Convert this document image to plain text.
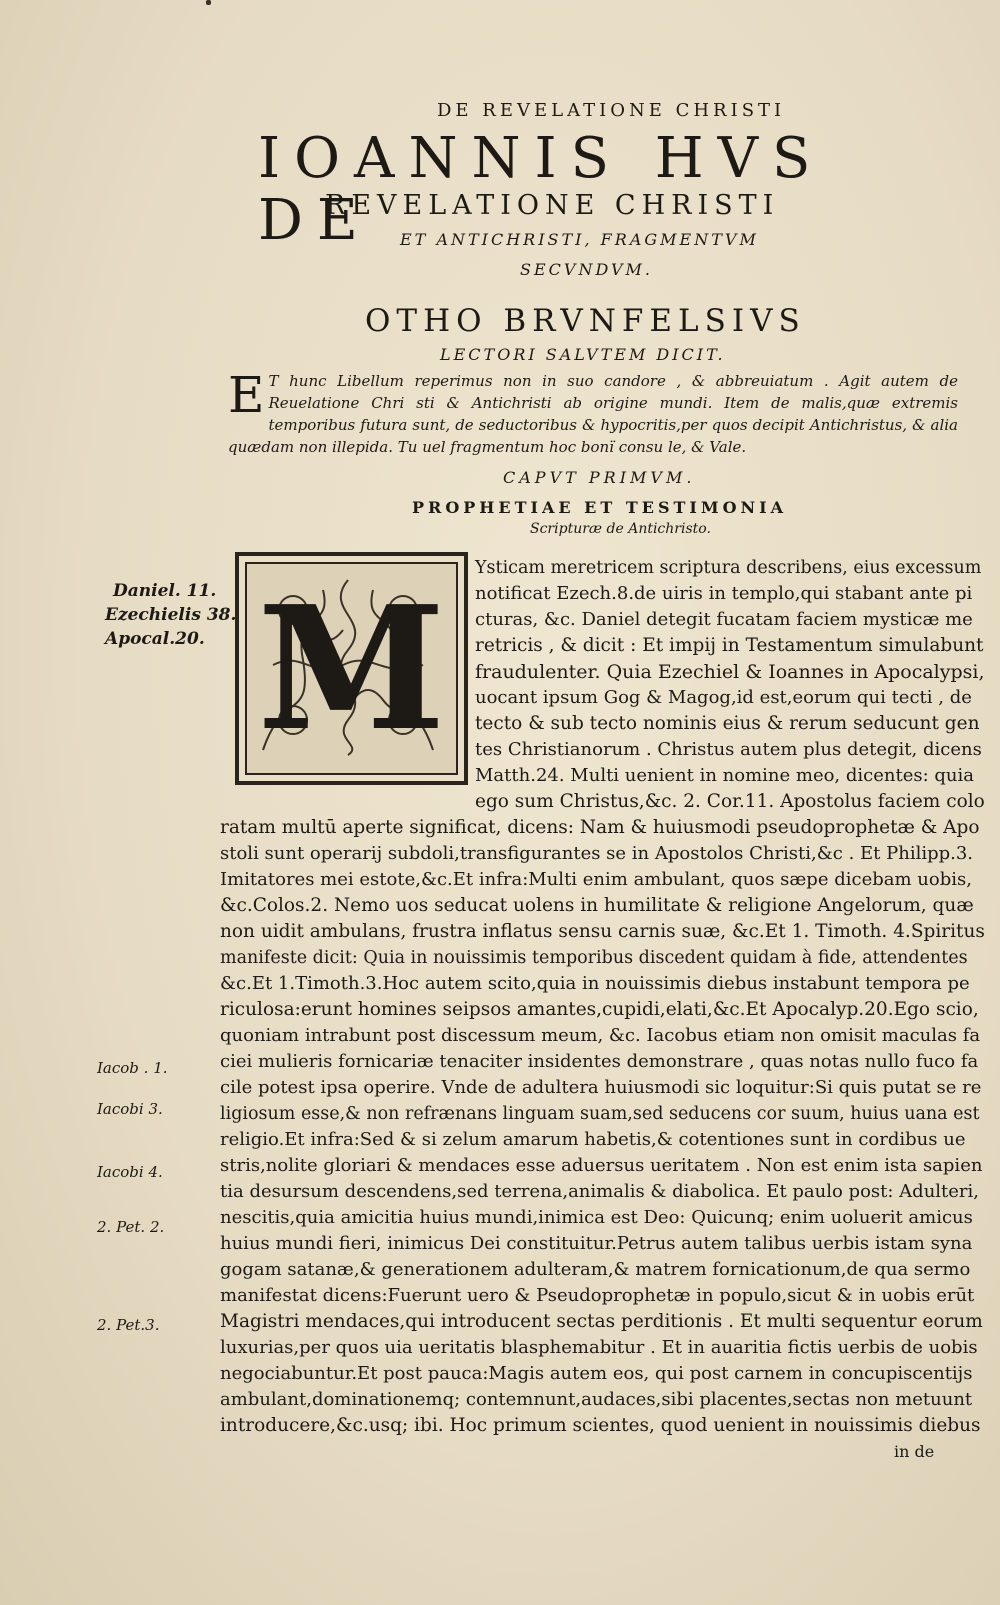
DE REVELATIONE CHRISTI
IOANNIS HVS DE
REVELATIONE CHRISTI
ET ANTICHRISTI, FRAGMENTVM
SECVNDVM.
OTHO BRVNFELSIVS
LECTORI SALVTEM DICIT.
E T hunc Libellum reperimus non in suo candore , & abbreuiatum . Agit autem de Reuelatione Chri sti & Antichristi ab origine mundi. Item de malis,quæ extremis temporibus futura sunt, de seductoribus & hypocritis,per quos decipit Antichristus, & alia quædam non illepida. Tu uel fragmentum hoc bonï consu le, & Vale.
CAPVT PRIMVM.
PROPHETIAE ET TESTIMONIA
Scripturæ de Antichristo.
M
Daniel. 11.
Ezechielis 38.
Apocal.20.
Iacob . 1.
Iacobi 3.
Iacobi 4.
2. Pet. 2.
2. Pet.3.
Ysticam meretricem scriptura describens, eius excessum
notificat Ezech.8.de uiris in templo,qui stabant ante pi
cturas, &c. Daniel detegit fucatam faciem mysticæ me
retricis , & dicit : Et impij in Testamentum simulabunt
fraudulenter. Quia Ezechiel & Ioannes in Apocalypsi,
uocant ipsum Gog & Magog,id est,eorum qui tecti , de
tecto & sub tecto nominis eius & rerum seducunt gen
tes Christianorum . Christus autem plus detegit, dicens
Matth.24. Multi uenient in nomine meo, dicentes: quia
ego sum Christus,&c. 2. Cor.11. Apostolus faciem colo
ratam multū aperte significat, dicens: Nam & huiusmodi pseudoprophetæ & Apo
stoli sunt operarij subdoli,transfigurantes se in Apostolos Christi,&c . Et Philipp.3.
Imitatores mei estote,&c.Et infra:Multi enim ambulant, quos sæpe dicebam uobis,
&c.Colos.2. Nemo uos seducat uolens in humilitate & religione Angelorum, quæ
non uidit ambulans, frustra inflatus sensu carnis suæ, &c.Et 1. Timoth. 4.Spiritus
manifeste dicit: Quia in nouissimis temporibus discedent quidam à fide, attendentes
&c.Et 1.Timoth.3.Hoc autem scito,quia in nouissimis diebus instabunt tempora pe
riculosa:erunt homines seipsos amantes,cupidi,elati,&c.Et Apocalyp.20.Ego scio,
quoniam intrabunt post discessum meum, &c. Iacobus etiam non omisit maculas fa
ciei mulieris fornicariæ tenaciter insidentes demonstrare , quas notas nullo fuco fa
cile potest ipsa operire. Vnde de adultera huiusmodi sic loquitur:Si quis putat se re
ligiosum esse,& non refrænans linguam suam,sed seducens cor suum, huius uana est
religio.Et infra:Sed & si zelum amarum habetis,& cotentiones sunt in cordibus ue
stris,nolite gloriari & mendaces esse aduersus ueritatem . Non est enim ista sapien
tia desursum descendens,sed terrena,animalis & diabolica. Et paulo post: Adulteri,
nescitis,quia amicitia huius mundi,inimica est Deo: Quicunq; enim uoluerit amicus
huius mundi fieri, inimicus Dei constituitur.Petrus autem talibus uerbis istam syna
gogam satanæ,& generationem adulteram,& matrem fornicationum,de qua sermo
manifestat dicens:Fuerunt uero & Pseudoprophetæ in populo,sicut & in uobis erūt
Magistri mendaces,qui introducent sectas perditionis . Et multi sequentur eorum
luxurias,per quos uia ueritatis blasphemabitur . Et in auaritia fictis uerbis de uobis
negociabuntur.Et post pauca:Magis autem eos, qui post carnem in concupiscentijs
ambulant,dominationemq; contemnunt,audaces,sibi placentes,sectas non metuunt
introducere,&c.usq; ibi. Hoc primum scientes, quod uenient in nouissimis diebus
in de
